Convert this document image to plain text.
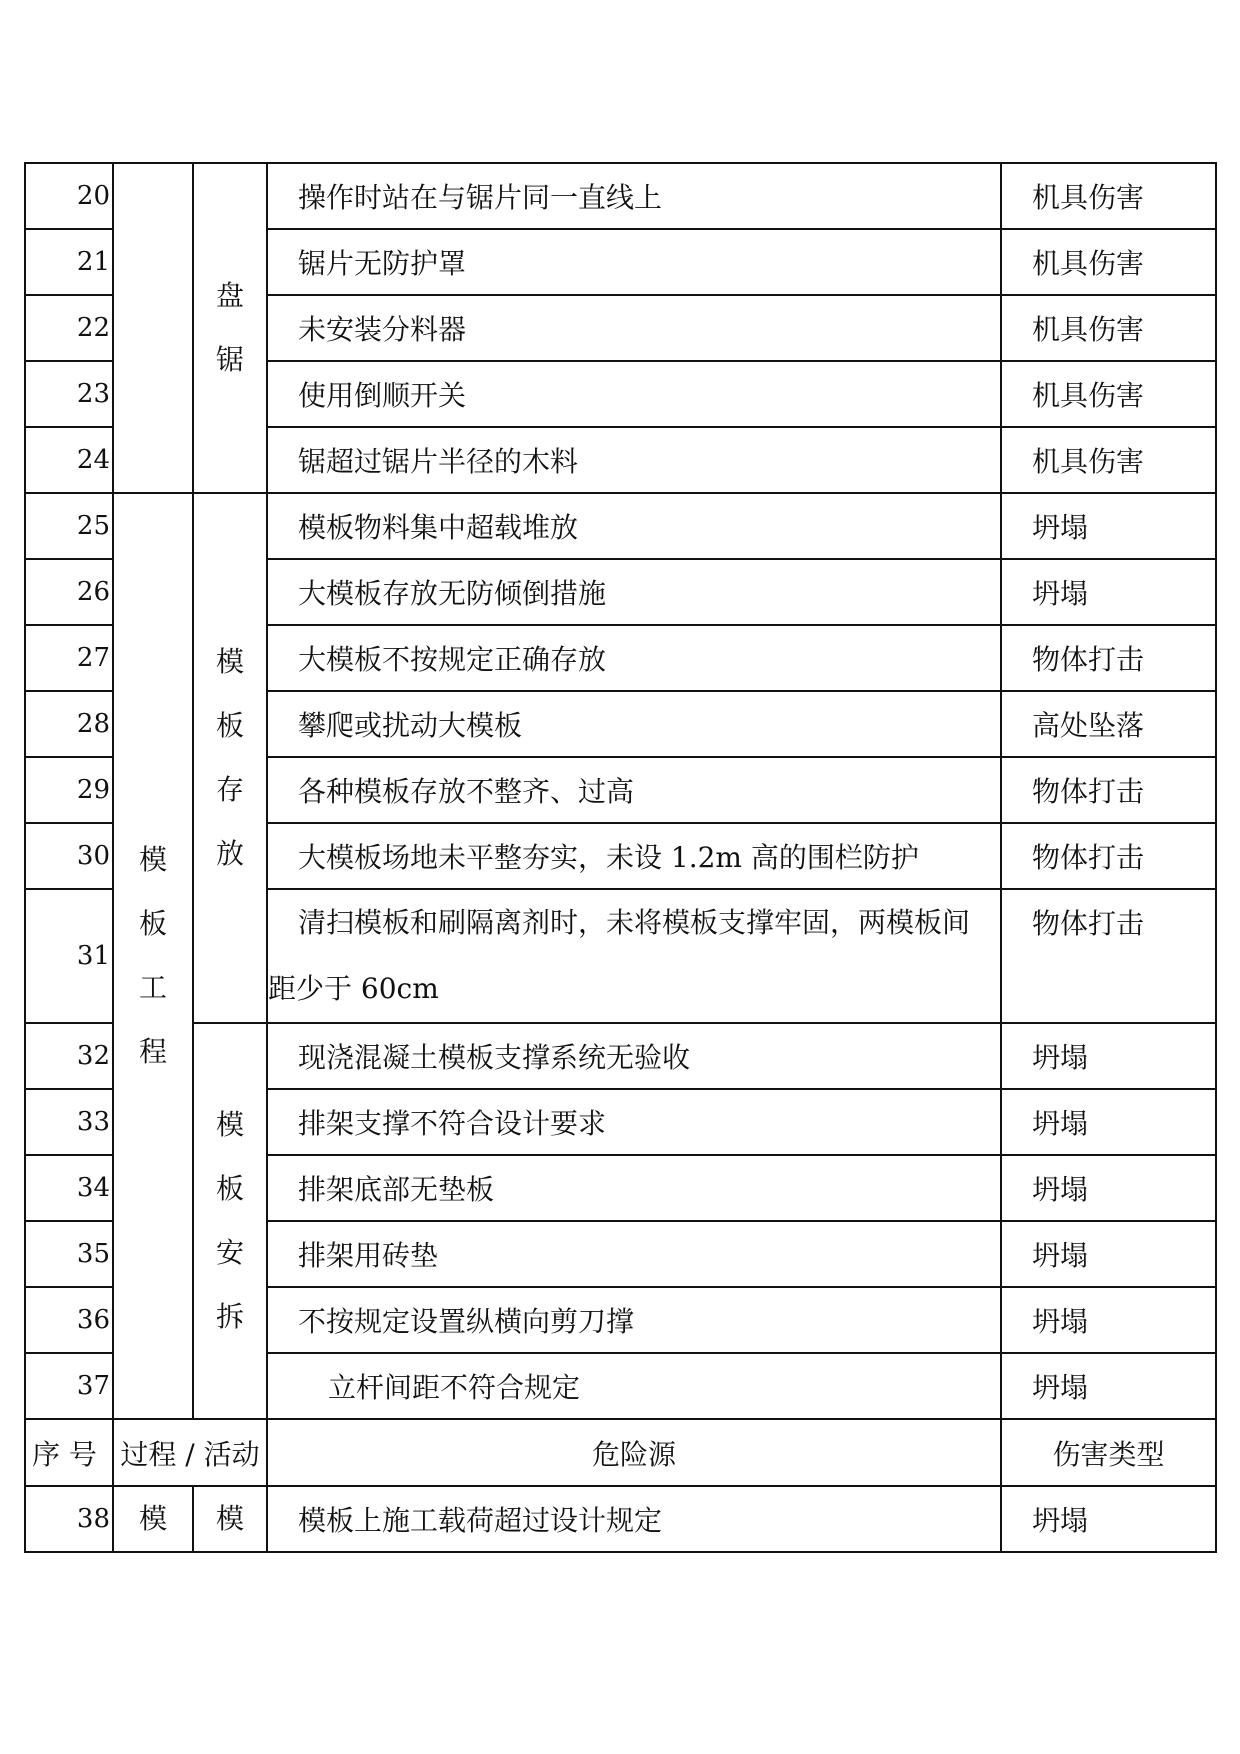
20		盘锯	操作时站在与锯片同一直线上	机具伤害
21			锯片无防护罩	机具伤害
22			未安装分料器	机具伤害
23			使用倒顺开关	机具伤害
24			锯超过锯片半径的木料	机具伤害
25	模板工程	模板存放	模板物料集中超载堆放	坍塌
26			大模板存放无防倾倒措施	坍塌
27			大模板不按规定正确存放	物体打击
28			攀爬或扰动大模板	高处坠落
29			各种模板存放不整齐、过高	物体打击
30			大模板场地未平整夯实，未设 1.2m 高的围栏防护	物体打击
31			清扫模板和刷隔离剂时，未将模板支撑牢固，两模板间
距少于 60cm	物体打击
32		模板安拆	现浇混凝土模板支撑系统无验收	坍塌
33			排架支撑不符合设计要求	坍塌
34			排架底部无垫板	坍塌
35			排架用砖垫	坍塌
36			不按规定设置纵横向剪刀撑	坍塌
37			立杆间距不符合规定	坍塌
序 号	过程 / 活动		危险源	伤害类型
38	模	模	模板上施工载荷超过设计规定	坍塌
